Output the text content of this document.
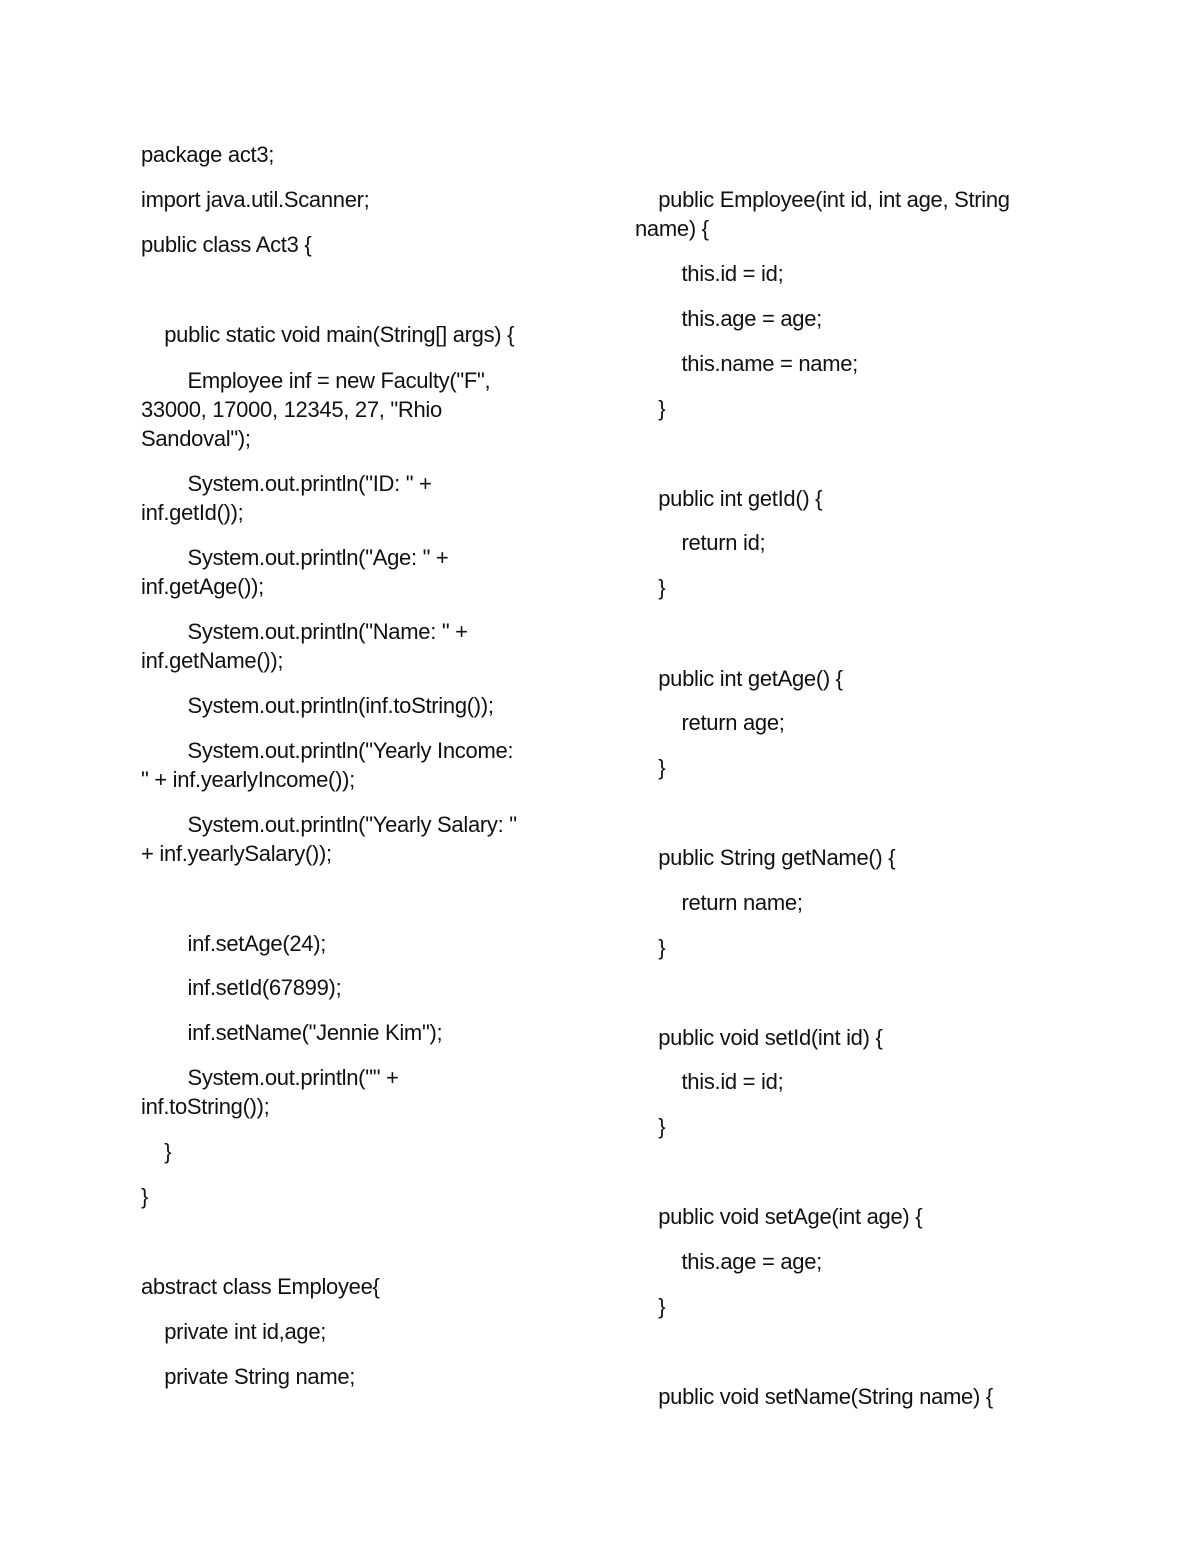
package act3;
import java.util.Scanner;
public class Act3 {
public static void main(String[] args) {
Employee inf = new Faculty("F",
33000, 17000, 12345, 27, "Rhio
Sandoval");
System.out.println("ID: " +
inf.getId());
System.out.println("Age: " +
inf.getAge());
System.out.println("Name: " +
inf.getName());
System.out.println(inf.toString());
System.out.println("Yearly Income:
" + inf.yearlyIncome());
System.out.println("Yearly Salary: "
+ inf.yearlySalary());
inf.setAge(24);
inf.setId(67899);
inf.setName("Jennie Kim");
System.out.println("" +
inf.toString());
}
}
abstract class Employee{
private int id,age;
private String name;
public Employee(int id, int age, String
name) {
this.id = id;
this.age = age;
this.name = name;
}
public int getId() {
return id;
}
public int getAge() {
return age;
}
public String getName() {
return name;
}
public void setId(int id) {
this.id = id;
}
public void setAge(int age) {
this.age = age;
}
public void setName(String name) {
